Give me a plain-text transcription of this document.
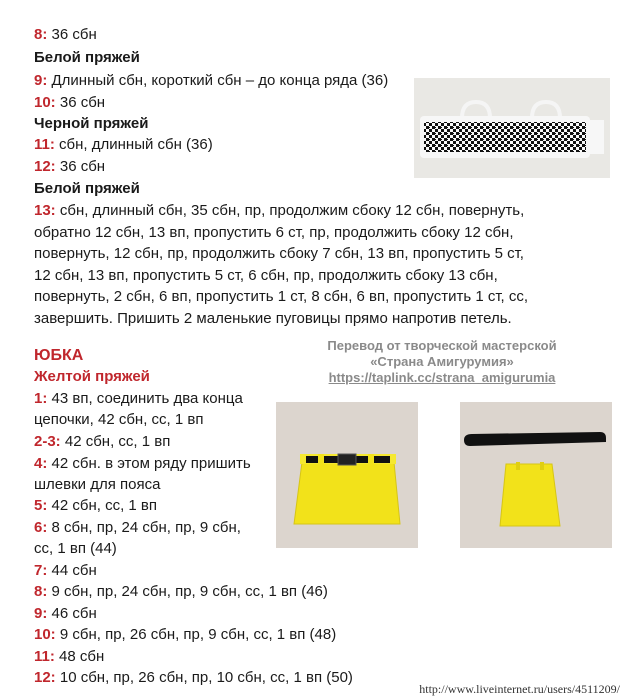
8: 36 сбн
Белой пряжей
9: Длинный сбн, короткий сбн – до конца ряда (36)
10: 36 сбн
Черной пряжей
11: сбн, длинный сбн (36)
12: 36 сбн
Белой пряжей
13: сбн, длинный сбн, 35 сбн, пр, продолжим сбоку 12 сбн, повернуть,
обратно 12 сбн, 13 вп, пропустить 6 ст, пр, продолжить сбоку 12 сбн,
повернуть, 12 сбн, пр, продолжить сбоку 7 сбн, 13 вп, пропустить 5 ст,
12 сбн, 13 вп, пропустить 5 ст, 6 сбн, пр, продолжить сбоку 13 сбн,
повернуть, 2 сбн, 6 вп, пропустить 1 ст, 8 сбн, 6 вп, пропустить 1 ст, сс,
завершить. Пришить 2 маленькие пуговицы прямо напротив петель.
ЮБКА
Желтой пряжей
1: 43 вп, соединить два конца
цепочки, 42 сбн, сс, 1 вп
2-3: 42 сбн, сс, 1 вп
4: 42 сбн. в этом ряду пришить
шлевки для пояса
5: 42 сбн, сс, 1 вп
6: 8 сбн, пр, 24 сбн, пр, 9 сбн,
сс, 1 вп (44)
7: 44 сбн
8: 9 сбн, пр, 24 сбн, пр, 9 сбн, сс, 1 вп (46)
9: 46 сбн
10: 9 сбн, пр, 26 сбн, пр, 9 сбн, сс, 1 вп (48)
11: 48 сбн
12: 10 сбн, пр, 26 сбн, пр, 10 сбн, сс, 1 вп (50)
Перевод от творческой мастерской
«Страна Амигурумия»
https://taplink.cc/strana_amigurumia
http://www.liveinternet.ru/users/4511209/
